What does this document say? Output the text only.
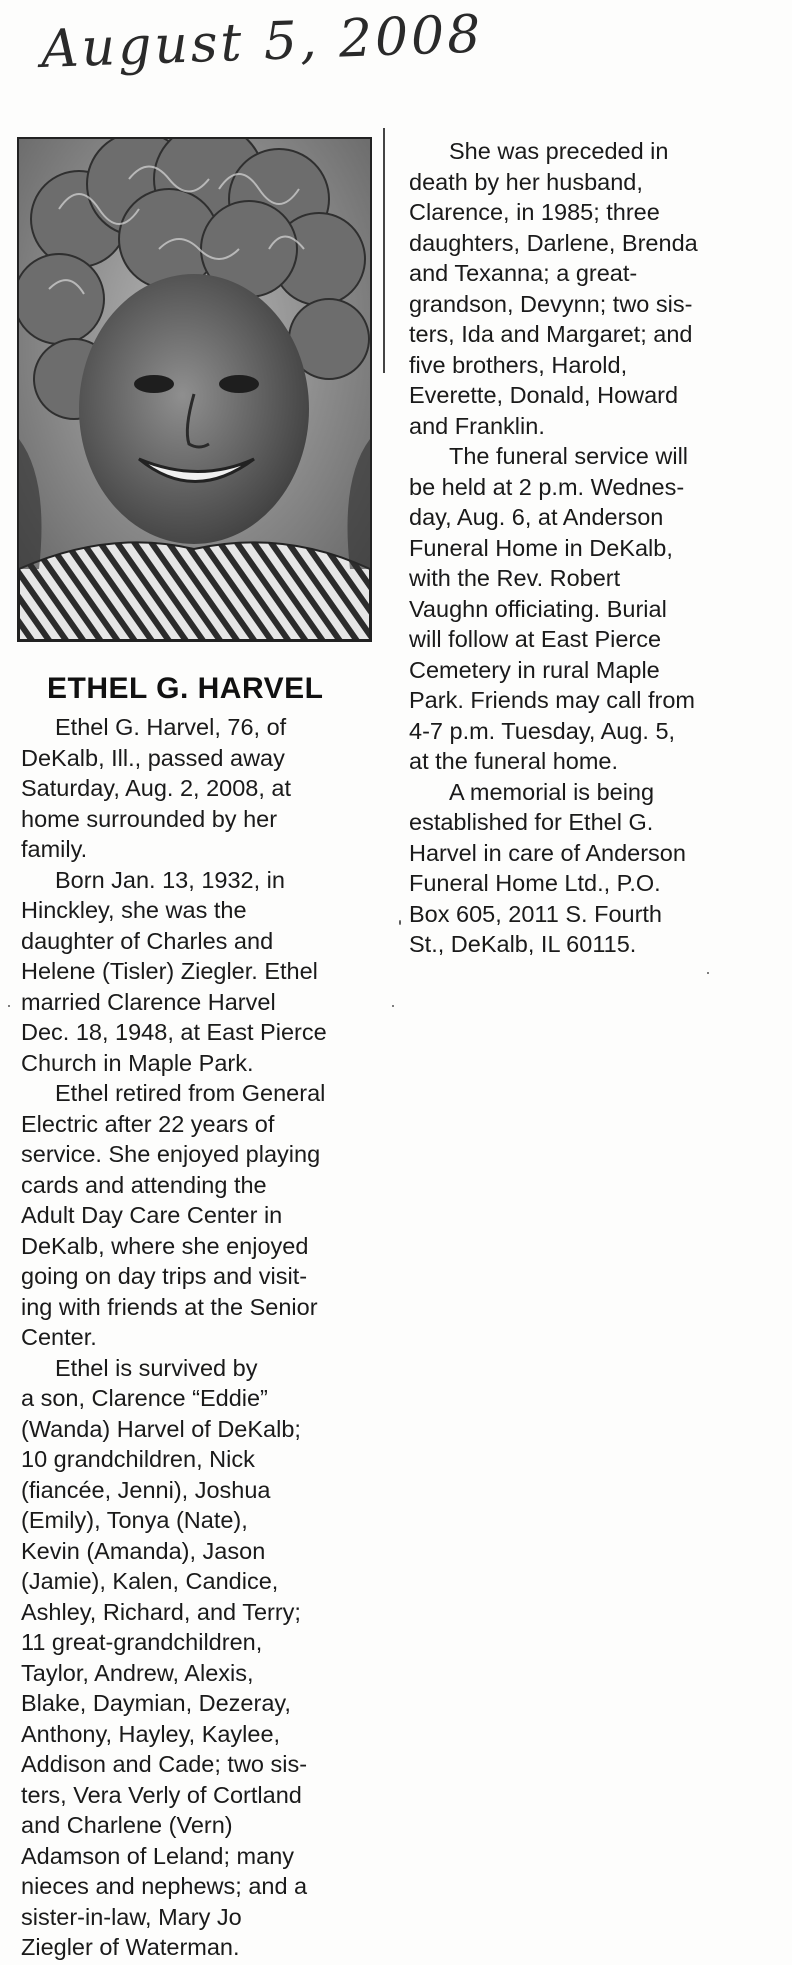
August 5, 2008
ETHEL G. HARVEL
Ethel G. Harvel, 76, of
DeKalb, Ill., passed away
Saturday, Aug. 2, 2008, at
home surrounded by her
family.
Born Jan. 13, 1932, in
Hinckley, she was the
daughter of Charles and
Helene (Tisler) Ziegler. Ethel
married Clarence Harvel
Dec. 18, 1948, at East Pierce
Church in Maple Park.
Ethel retired from General
Electric after 22 years of
service. She enjoyed playing
cards and attending the
Adult Day Care Center in
DeKalb, where she enjoyed
going on day trips and visit-
ing with friends at the Senior
Center.
Ethel is survived by
a son, Clarence “Eddie”
(Wanda) Harvel of DeKalb;
10 grandchildren, Nick
(fiancée, Jenni), Joshua
(Emily), Tonya (Nate),
Kevin (Amanda), Jason
(Jamie), Kalen, Candice,
Ashley, Richard, and Terry;
11 great-grandchildren,
Taylor, Andrew, Alexis,
Blake, Daymian, Dezeray,
Anthony, Hayley, Kaylee,
Addison and Cade; two sis-
ters, Vera Verly of Cortland
and Charlene (Vern)
Adamson of Leland; many
nieces and nephews; and a
sister-in-law, Mary Jo
Ziegler of Waterman.
She was preceded in
death by her husband,
Clarence, in 1985; three
daughters, Darlene, Brenda
and Texanna; a great-
grandson, Devynn; two sis-
ters, Ida and Margaret; and
five brothers, Harold,
Everette, Donald, Howard
and Franklin.
The funeral service will
be held at 2 p.m. Wednes-
day, Aug. 6, at Anderson
Funeral Home in DeKalb,
with the Rev. Robert
Vaughn officiating. Burial
will follow at East Pierce
Cemetery in rural Maple
Park. Friends may call from
4-7 p.m. Tuesday, Aug. 5,
at the funeral home.
A memorial is being
established for Ethel G.
Harvel in care of Anderson
Funeral Home Ltd., P.O.
Box 605, 2011 S. Fourth
St., DeKalb, IL 60115.
